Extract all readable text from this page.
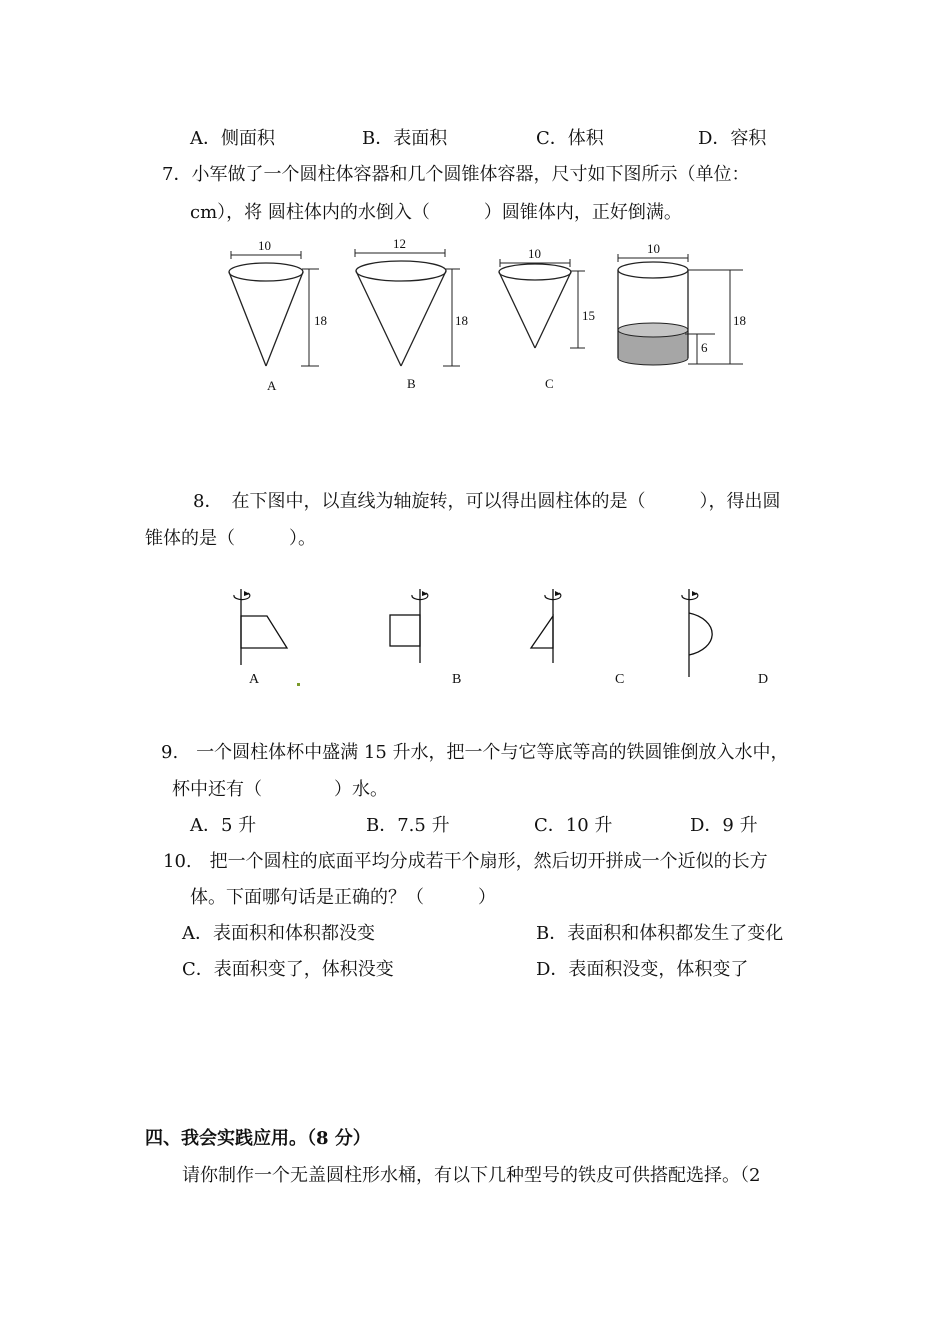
A．侧面积	B．表面积	C．体积	D．容积
7．小军做了一个圆柱体容器和几个圆锥体容器，尺寸如下图所示（单位：
cm），将 圆柱体内的水倒入（　　　）圆锥体内，正好倒满。
10
18
A
12
18
B
10
15
C
10
6
18
8．　在下图中，以直线为轴旋转，可以得出圆柱体的是（　　　），得出圆
锥体的是（　　　）。
A	B	C	D
9.　一个圆柱体杯中盛满 15 升水，把一个与它等底等高的铁圆锥倒放入水中，
杯中还有（　　　　）水。
A．5 升	B．7.5 升	C．10 升	D．9 升
10.　把一个圆柱的底面平均分成若干个扇形，然后切开拼成一个近似的长方
体。下面哪句话是正确的？（　　　）
A．表面积和体积都没变	B．表面积和体积都发生了变化
C．表面积变了，体积没变	D．表面积没变，体积变了
四、我会实践应用。（8 分）
请你制作一个无盖圆柱形水桶，有以下几种型号的铁皮可供搭配选择。（2
